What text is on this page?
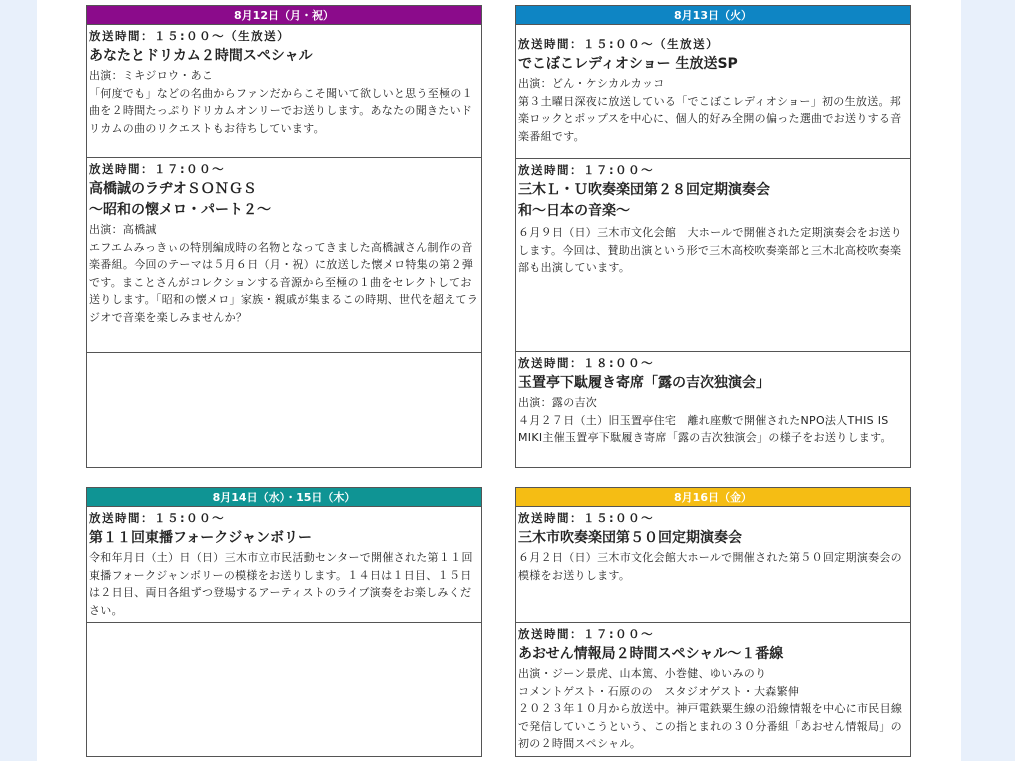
8月12日（月・祝）
放送時間：１５:００～（生放送）
あなたとドリカム２時間スペシャル
出演：ミキジロウ・あこ
「何度でも」などの名曲からファンだからこそ聞いて欲しいと思う至極の１曲を２時間たっぷりドリカムオンリーでお送りします。あなたの聞きたいドリカムの曲のリクエストもお待ちしています。
放送時間：１７:００～
高橋誠のラヂオＳＯＮＧＳ
～昭和の懐メロ・パート２～
出演：高橋誠
エフエムみっきぃの特別編成時の名物となってきました高橋誠さん制作の音楽番組。今回のテーマは５月６日（月・祝）に放送した懐メロ特集の第２弾です。まことさんがコレクションする音源から至極の１曲をセレクトしてお送りします。「昭和の懐メロ」家族・親戚が集まるこの時期、世代を超えてラジオで音楽を楽しみませんか？
8月13日（火）
放送時間：１５:００～（生放送）
でこぼこレディオショー 生放送SP
出演：どん・ケシカルカッコ
第３土曜日深夜に放送している「でこぼこレディオショー」初の生放送。邦楽ロックとポップスを中心に、個人的好み全開の偏った選曲でお送りする音楽番組です。
放送時間：１７:００～
三木Ｌ・Ｕ吹奏楽団第２８回定期演奏会
和～日本の音楽～
６月９日（日）三木市文化会館　大ホールで開催された定期演奏会をお送りします。今回は、賛助出演という形で三木高校吹奏楽部と三木北高校吹奏楽部も出演しています。
放送時間：１８:００～
玉置亭下駄履き寄席「露の吉次独演会」
出演：露の吉次
４月２７日（土）旧玉置亭住宅　離れ座敷で開催されたNPO法人THIS IS MIKI主催玉置亭下駄履き寄席「露の吉次独演会」の様子をお送りします。
8月14日（水）・15日（木）
放送時間：１５:００～
第１１回東播フォークジャンボリー
令和年月日（土）日（日）三木市立市民活動センターで開催された第１１回東播フォークジャンボリーの模様をお送りします。１４日は１日目、１５日は２日目、両日各組ずつ登場するアーティストのライブ演奏をお楽しみください。
8月16日（金）
放送時間：１５:００～
三木市吹奏楽団第５０回定期演奏会
６月２日（日）三木市文化会館大ホールで開催された第５０回定期演奏会の模様をお送りします。
放送時間：１７:００～
あおせん情報局２時間スペシャル～１番線
出演・ジーン景虎、山本篤、小巻健、ゆいみのり
コメントゲスト・石原のの　スタジオゲスト・大森繁伸
２０２３年１０月から放送中。神戸電鉄粟生線の沿線情報を中心に市民目線で発信していこうという、この指とまれの３０分番組「あおせん情報局」の初の２時間スペシャル。
